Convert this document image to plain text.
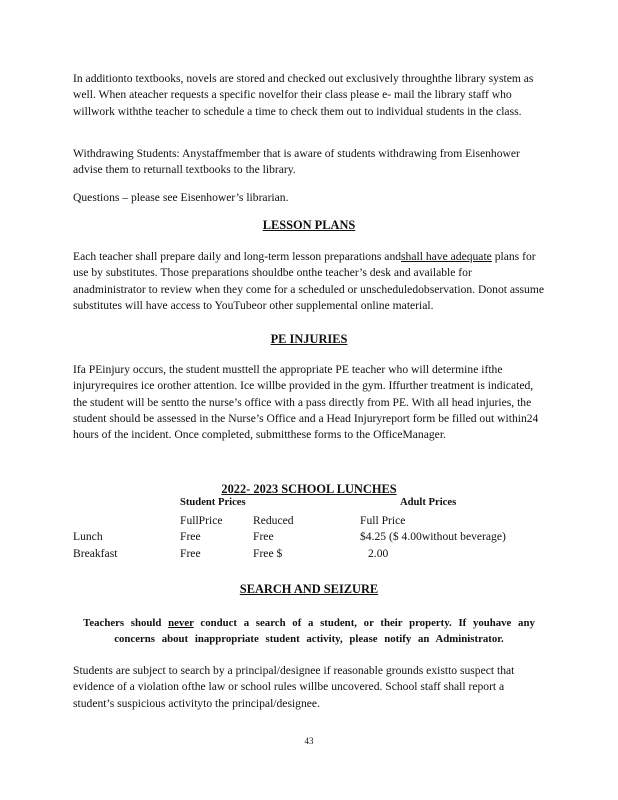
In additionto textbooks, novels are stored and checked out exclusively throughthe library system as well. When ateacher requests a specific novelfor their class please e- mail the library staff who willwork withthe teacher to schedule a time to check them out to individual students in the class.

Withdrawing Students: Anystaffmember that is aware of students withdrawing from Eisenhower advise them to returnall textbooks to the library.

Questions – please see Eisenhower’s librarian.

LESSON PLANS

Each teacher shall prepare daily and long-term lesson preparations andshall have adequate plans for use by substitutes. Those preparations shouldbe onthe teacher’s desk and available for anadministrator to review when they come for a scheduled or unscheduledobservation. Donot assume substitutes will have access to YouTubeor other supplemental online material.

PE INJURIES

Ifa PEinjury occurs, the student musttell the appropriate PE teacher who will determine ifthe injuryrequires ice orother attention. Ice willbe provided in the gym. Iffurther treatment is indicated, the student will be sentto the nurse’s office with a pass directly from PE. With all head injuries, the student should be assessed in the Nurse’s Office and a Head Injuryreport form be filled out within24 hours of the incident. Once completed, submitthese forms to the OfficeManager.

2022- 2023 SCHOOL LUNCHES
	Student Prices		Adult Prices
	FullPrice	Reduced	Full Price
Lunch	Free	Free	$4.25 ($ 4.00without beverage)
Breakfast	Free	Free $	2.00
SEARCH AND SEIZURE
Teachers should never conduct a search of a student, or their property. If youhave any concerns about inappropriate student activity, please notify an Administrator.

Students are subject to search by a principal/designee if reasonable grounds existto suspect that evidence of a violation ofthe law or school rules willbe uncovered. School staff shall report a student’s suspicious activityto the principal/designee.

43
